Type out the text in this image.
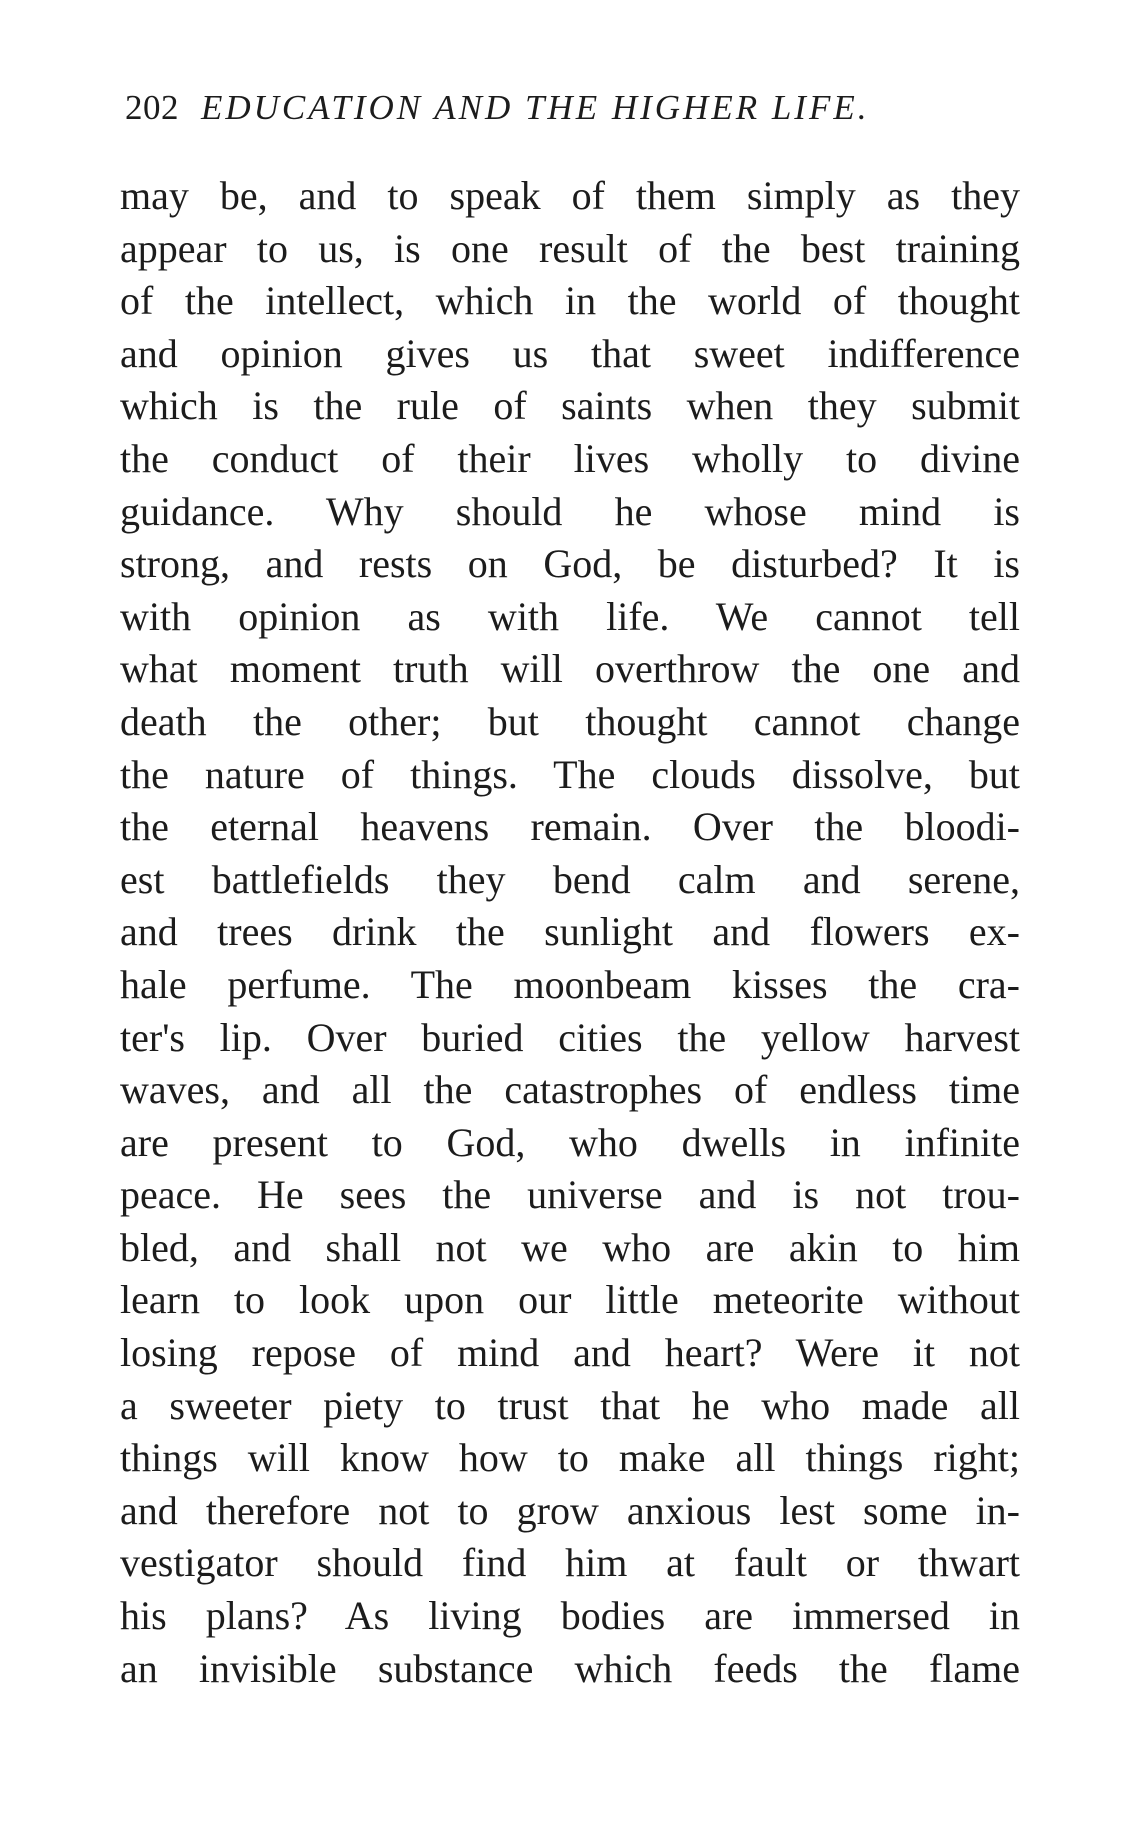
202 EDUCATION AND THE HIGHER LIFE.
may be, and to speak of them simply as they
appear to us, is one result of the best training
of the intellect, which in the world of thought
and opinion gives us that sweet indifference
which is the rule of saints when they submit
the conduct of their lives wholly to divine
guidance. Why should he whose mind is
strong, and rests on God, be disturbed? It is
with opinion as with life. We cannot tell
what moment truth will overthrow the one and
death the other; but thought cannot change
the nature of things. The clouds dissolve, but
the eternal heavens remain. Over the bloodi-
est battlefields they bend calm and serene,
and trees drink the sunlight and flowers ex-
hale perfume. The moonbeam kisses the cra-
ter's lip. Over buried cities the yellow harvest
waves, and all the catastrophes of endless time
are present to God, who dwells in infinite
peace. He sees the universe and is not trou-
bled, and shall not we who are akin to him
learn to look upon our little meteorite without
losing repose of mind and heart? Were it not
a sweeter piety to trust that he who made all
things will know how to make all things right;
and therefore not to grow anxious lest some in-
vestigator should find him at fault or thwart
his plans? As living bodies are immersed in
an invisible substance which feeds the flame
